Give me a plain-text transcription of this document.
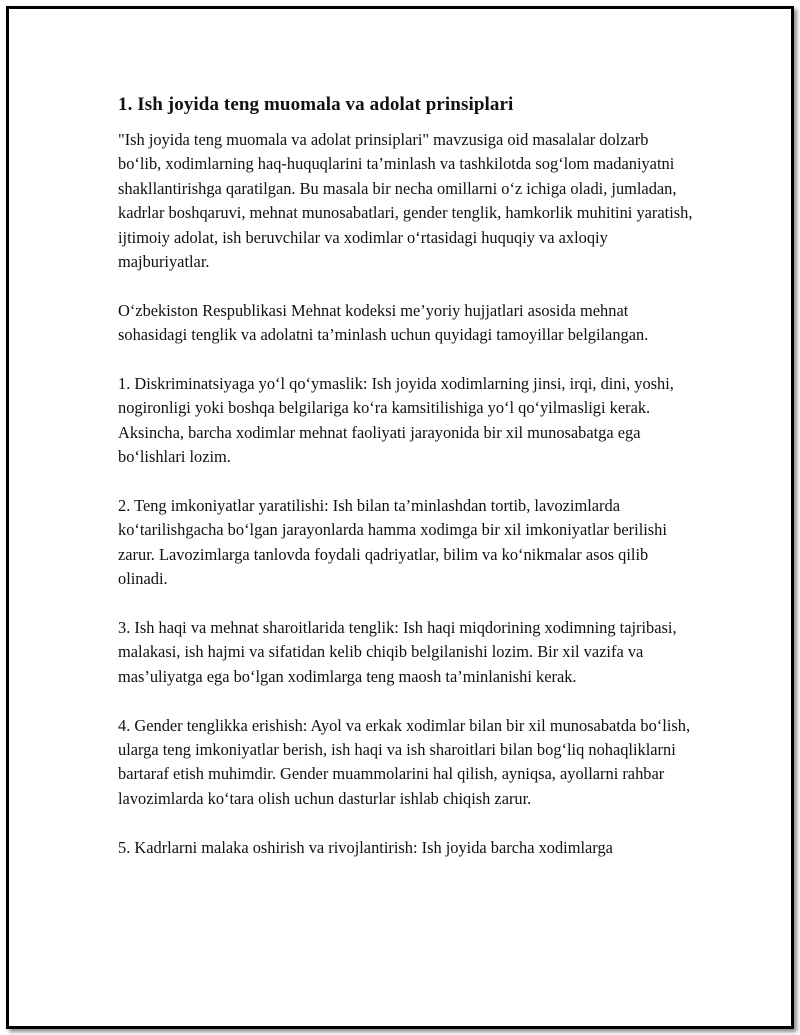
1. Ish joyida teng muomala va adolat prinsiplari

"Ish joyida teng muomala va adolat prinsiplari" mavzusiga oid masalalar dolzarb bo‘lib, xodimlarning haq-huquqlarini ta’minlash va tashkilotda sog‘lom madaniyatni shakllantirishga qaratilgan. Bu masala bir necha omillarni o‘z ichiga oladi, jumladan, kadrlar boshqaruvi, mehnat munosabatlari, gender tenglik, hamkorlik muhitini yaratish, ijtimoiy adolat, ish beruvchilar va xodimlar o‘rtasidagi huquqiy va axloqiy majburiyatlar.

O‘zbekiston Respublikasi Mehnat kodeksi me’yoriy hujjatlari asosida mehnat sohasidagi tenglik va adolatni ta’minlash uchun quyidagi tamoyillar belgilangan.

1. Diskriminatsiyaga yo‘l qo‘ymaslik: Ish joyida xodimlarning jinsi, irqi, dini, yoshi, nogironligi yoki boshqa belgilariga ko‘ra kamsitilishiga yo‘l qo‘yilmasligi kerak. Aksincha, barcha xodimlar mehnat faoliyati jarayonida bir xil munosabatga ega bo‘lishlari lozim.

2. Teng imkoniyatlar yaratilishi: Ish bilan ta’minlashdan tortib, lavozimlarda ko‘tarilishgacha bo‘lgan jarayonlarda hamma xodimga bir xil imkoniyatlar berilishi zarur. Lavozimlarga tanlovda foydali qadriyatlar, bilim va ko‘nikmalar asos qilib olinadi.

3. Ish haqi va mehnat sharoitlarida tenglik: Ish haqi miqdorining xodimning tajribasi, malakasi, ish hajmi va sifatidan kelib chiqib belgilanishi lozim. Bir xil vazifa va mas’uliyatga ega bo‘lgan xodimlarga teng maosh ta’minlanishi kerak.

4. Gender tenglikka erishish: Ayol va erkak xodimlar bilan bir xil munosabatda bo‘lish, ularga teng imkoniyatlar berish, ish haqi va ish sharoitlari bilan bog‘liq nohaqliklarni bartaraf etish muhimdir. Gender muammolarini hal qilish, ayniqsa, ayollarni rahbar lavozimlarda ko‘tara olish uchun dasturlar ishlab chiqish zarur.

5. Kadrlarni malaka oshirish va rivojlantirish: Ish joyida barcha xodimlarga
